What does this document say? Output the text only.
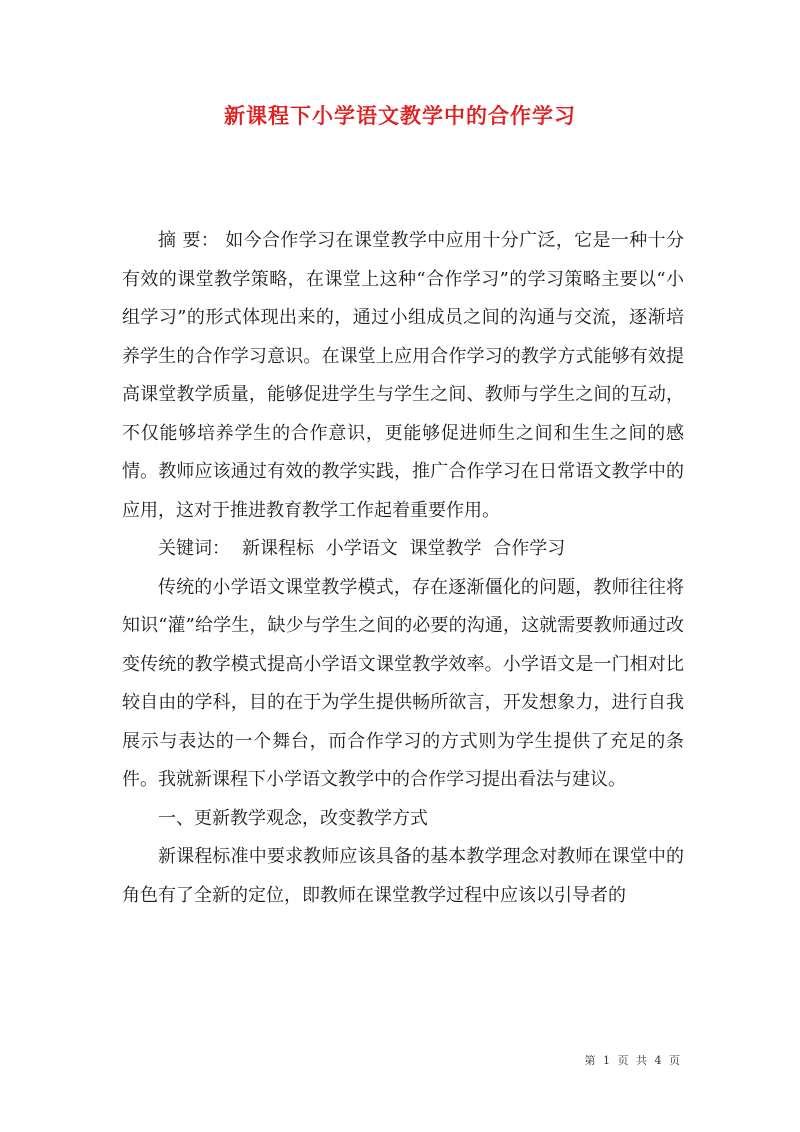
新课程下小学语文教学中的合作学习

摘 要： 如今合作学习在课堂教学中应用十分广泛，它是一种十分有效的课堂教学策略，在课堂上这种“合作学习”的学习策略主要以“小组学习”的形式体现出来的，通过小组成员之间的沟通与交流，逐渐培养学生的合作学习意识。在课堂上应用合作学习的教学方式能够有效提高课堂教学质量，能够促进学生与学生之间、教师与学生之间的互动，不仅能够培养学生的合作意识，更能够促进师生之间和生生之间的感情。教师应该通过有效的教学实践，推广合作学习在日常语文教学中的应用，这对于推进教育教学工作起着重要作用。

关键词： 新课程标 小学语文 课堂教学 合作学习

传统的小学语文课堂教学模式，存在逐渐僵化的问题，教师往往将知识“灌”给学生，缺少与学生之间的必要的沟通，这就需要教师通过改变传统的教学模式提高小学语文课堂教学效率。小学语文是一门相对比较自由的学科，目的在于为学生提供畅所欲言，开发想象力，进行自我展示与表达的一个舞台，而合作学习的方式则为学生提供了充足的条件。我就新课程下小学语文教学中的合作学习提出看法与建议。

一、更新教学观念，改变教学方式

新课程标准中要求教师应该具备的基本教学理念对教师在课堂中的角色有了全新的定位，即教师在课堂教学过程中应该以引导者的

第 1 页 共 4 页
